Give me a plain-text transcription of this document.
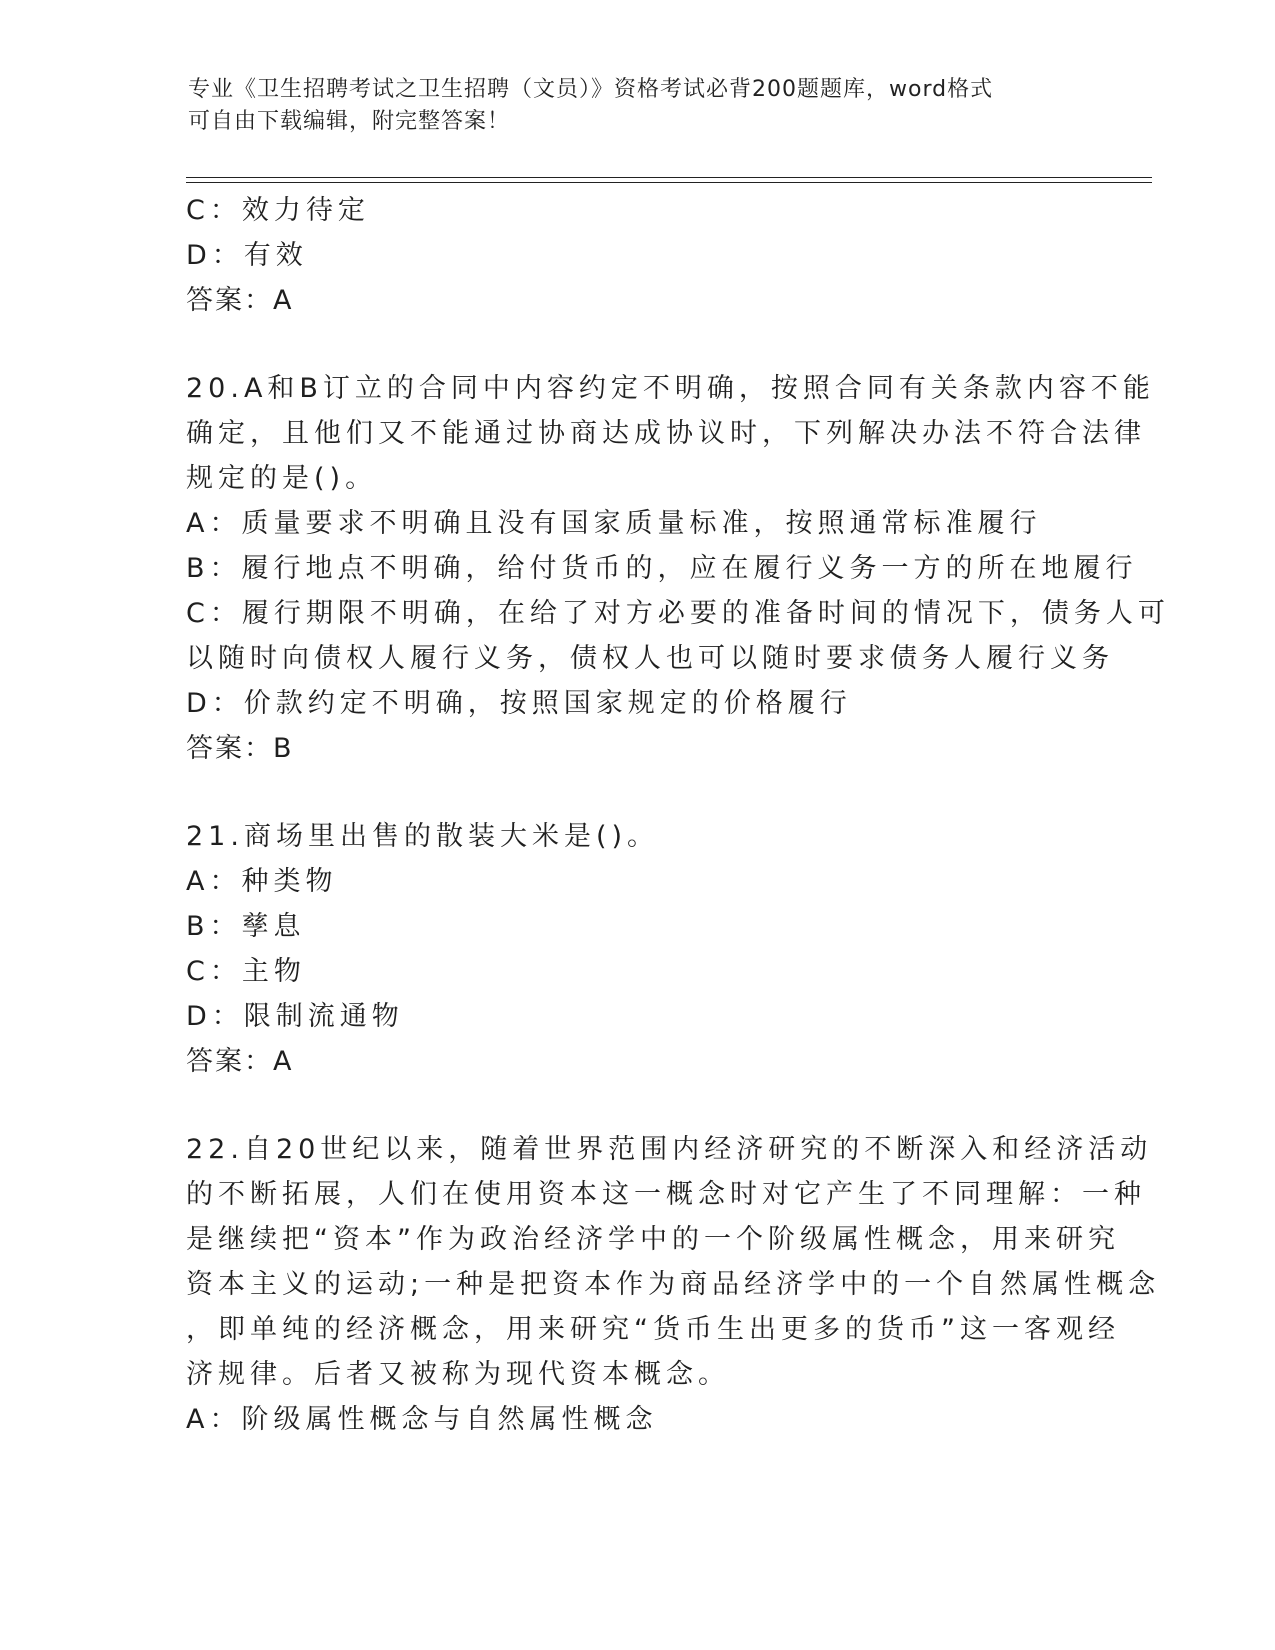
专业《卫生招聘考试之卫生招聘（文员）》资格考试必背200题题库，word格式
可自由下载编辑，附完整答案！
C：效力待定
D：有效
答案：A
20.A和B订立的合同中内容约定不明确，按照合同有关条款内容不能
确定，且他们又不能通过协商达成协议时，下列解决办法不符合法律
规定的是()。
A：质量要求不明确且没有国家质量标准，按照通常标准履行
B：履行地点不明确，给付货币的，应在履行义务一方的所在地履行
C：履行期限不明确，在给了对方必要的准备时间的情况下，债务人可
以随时向债权人履行义务，债权人也可以随时要求债务人履行义务
D：价款约定不明确，按照国家规定的价格履行
答案：B
21.商场里出售的散装大米是()。
A：种类物
B：孳息
C：主物
D：限制流通物
答案：A
22.自20世纪以来，随着世界范围内经济研究的不断深入和经济活动
的不断拓展，人们在使用资本这一概念时对它产生了不同理解：一种
是继续把“资本”作为政治经济学中的一个阶级属性概念，用来研究
资本主义的运动;一种是把资本作为商品经济学中的一个自然属性概念
，即单纯的经济概念，用来研究“货币生出更多的货币”这一客观经
济规律。后者又被称为现代资本概念。
A：阶级属性概念与自然属性概念
